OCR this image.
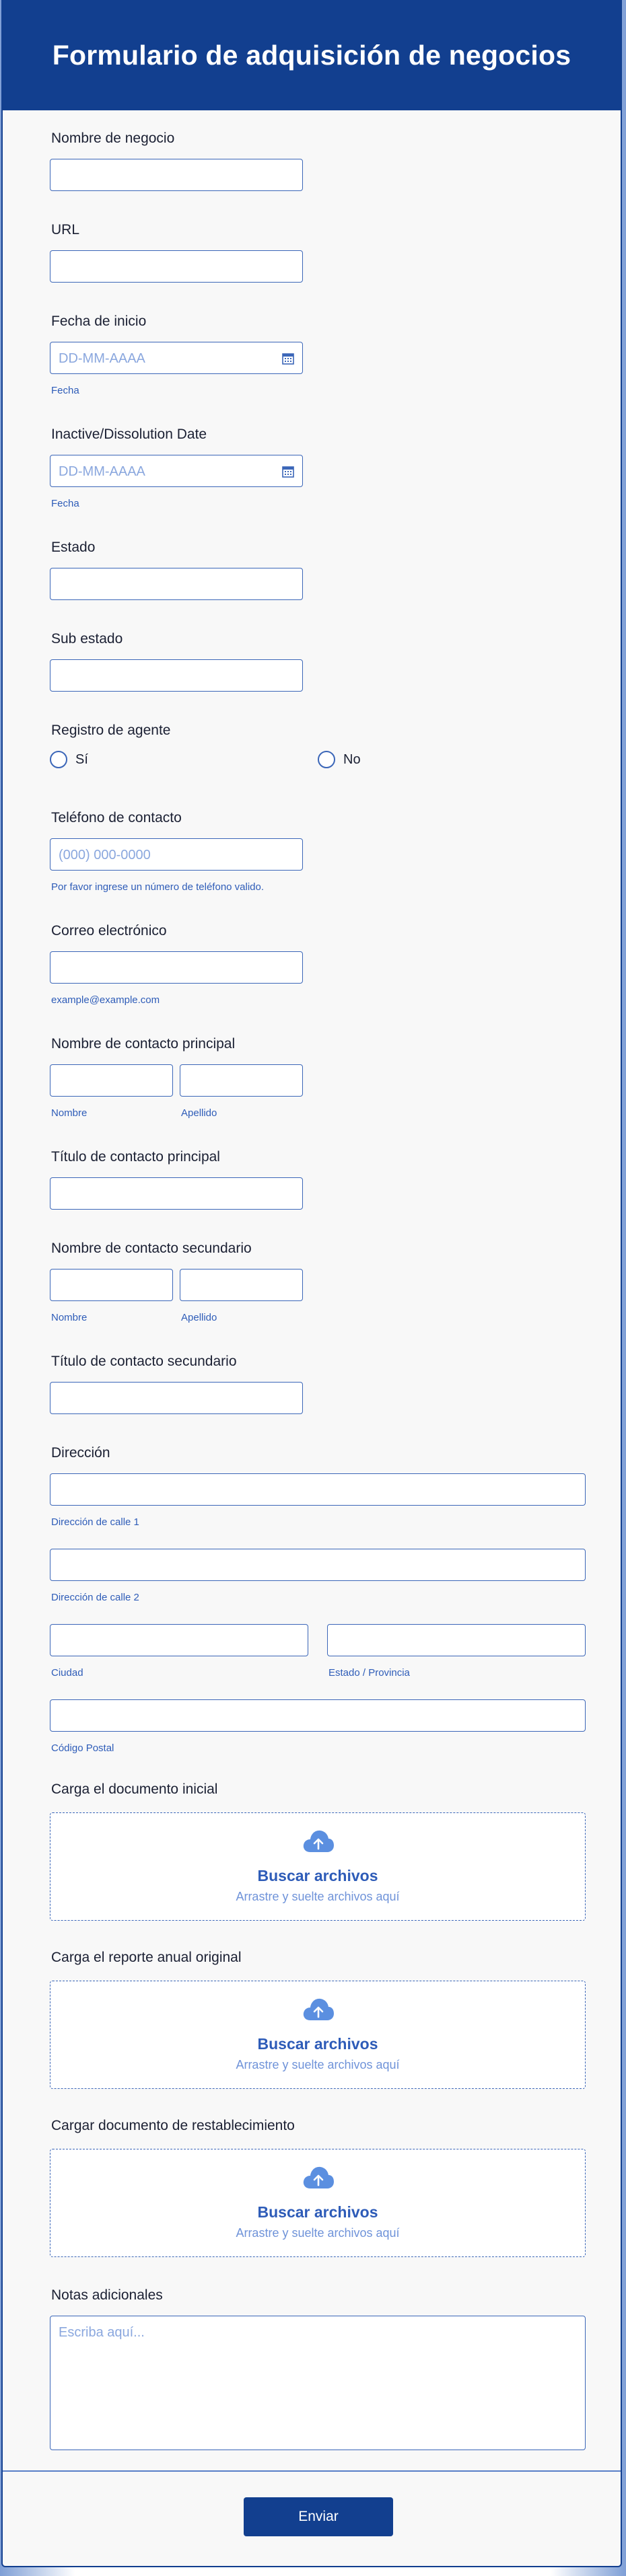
Formulario de adquisición de negocios
Nombre de negocio
URL
Fecha de inicio
DD-MM-AAAA
Fecha
Inactive/Dissolution Date
DD-MM-AAAA
Fecha
Estado
Sub estado
Registro de agente
Sí	No
Teléfono de contacto
(000) 000-0000
Por favor ingrese un número de teléfono valido.
Correo electrónico
example@example.com
Nombre de contacto principal
Nombre	Apellido
Título de contacto principal
Nombre de contacto secundario
Nombre	Apellido
Título de contacto secundario
Dirección
Dirección de calle 1
Dirección de calle 2
Ciudad	Estado / Provincia
Código Postal
Carga el documento inicial
Buscar archivos
Arrastre y suelte archivos aquí
Carga el reporte anual original
Buscar archivos
Arrastre y suelte archivos aquí
Cargar documento de restablecimiento
Buscar archivos
Arrastre y suelte archivos aquí
Notas adicionales
Escriba aquí...
Enviar
